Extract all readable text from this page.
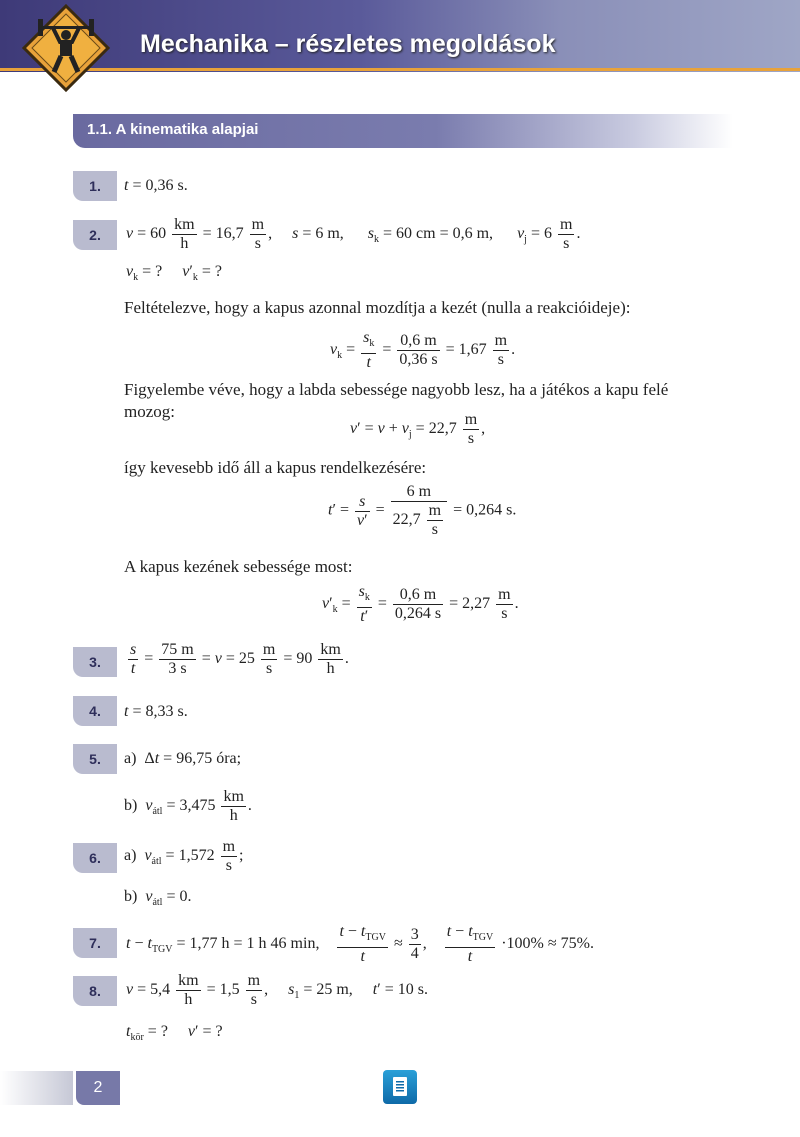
Mechanika – részletes megoldások
1.1. A kinematika alapjai
1.
2.
3.
4.
5.
6.
7.
8.
t = 0,36 s.
$v = 60 \frac{km}{h} = 16,7 \frac{m}{s}$ ,     s = 6 m,      $s_k = 60$ cm = 0,6 m,      $v_j = 6 \frac{m}{s}$ .
$v_k$ = ?     $v'_k$ = ?
Feltételezve, hogy a kapus azonnal mozdítja a kezét (nulla a reakcióideje):
$v_k = \frac{s_k}{t} = \frac{0,6 m}{0,36 s} = 1,67 \frac{m}{s}$ .
Figyelembe véve, hogy a labda sebessége nagyobb lesz, ha a játékos a kapu felé
mozog:
$v' = v + v_j = 22,7 \frac{m}{s}$ ,
így kevesebb idő áll a kapus rendelkezésére:
$t' = \frac{s}{v'} = \frac{6 m}{22,7 \frac{m}{s}} = 0,264$ s.
A kapus kezének sebessége most:
$v'_k = \frac{s_k}{t'} = \frac{0,6 m}{0,264 s} = 2,27 \frac{m}{s}$ .
$\frac{s}{t} = \frac{75 m}{3 s} = v = 25 \frac{m}{s} = 90 \frac{km}{h}$ .
t = 8,33 s.
a)  Δt = 96,75 óra;
b)  $v_{átl} = 3,475 \frac{km}{h}$ .
a)  $v_{átl} = 1,572 \frac{m}{s}$ ;
b)  $v_{átl} = 0$.
$t - t_{TGV} = 1,77$ h = 1 h 46 min,
$t - t_{TGV}$
t
≈ $\frac{3}{4}$ ,
$t - t_{TGV}$
t
·100% ≈ 75%.
$v = 5,4 \frac{km}{h} = 1,5 \frac{m}{s}$ ,     $s_1 = 25$ m,     t′ = 10 s.
$t_{kör}$ = ?     v′ = ?
2
